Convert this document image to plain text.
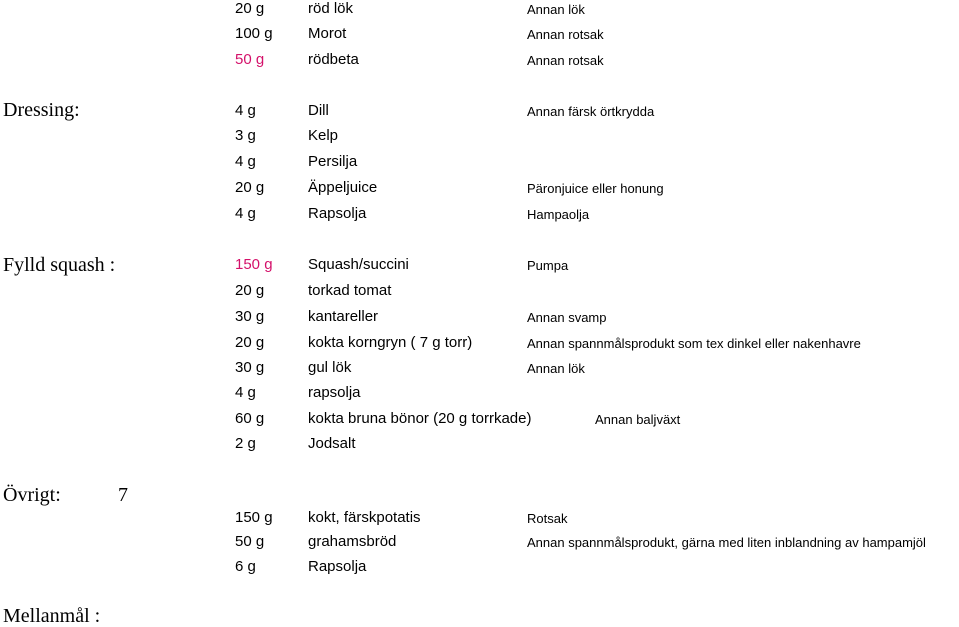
20 g	röd lök	Annan lök
100 g Morot	Annan rotsak
50 g	rödbeta	Annan rotsak
Dressing:	4 g	Dill	Annan färsk örtkrydda
3 g	Kelp
4 g	Persilja
20 g	Äppeljuice	Päronjuice eller honung
4 g	Rapsolja	Hampaolja
Fylld squash :	150 g Squash/succini	Pumpa
20 g	torkad tomat
30 g	kantareller	Annan svamp
20 g	kokta korngryn ( 7 g torr)	Annan spannmålsprodukt som tex dinkel eller nakenhavre
30 g	gul lök	Annan lök
4 g	rapsolja
60 g	kokta bruna bönor (20 g torrkade)	Annan baljväxt
2 g	Jodsalt
Övrigt:	7
150 g kokt, färskpotatis	Rotsak
50 g	grahamsbröd	Annan spannmålsprodukt, gärna med liten inblandning av hampamjöl
6 g	Rapsolja
Mellanmål :
